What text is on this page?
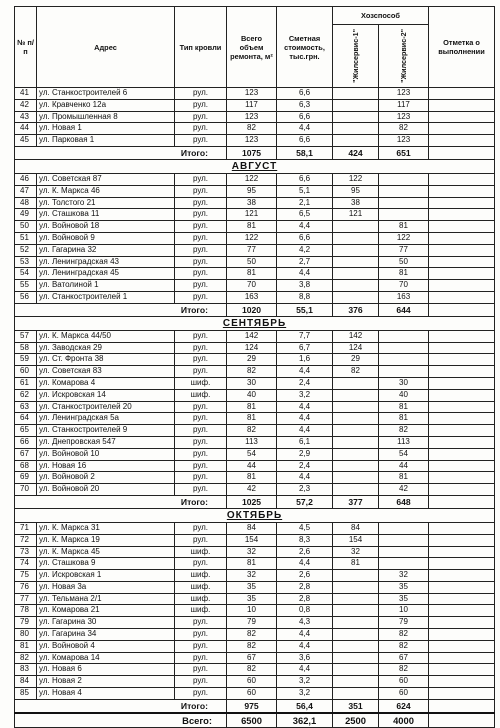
№ п/п	Адрес	Тип кровли	Всего объем ремонта, м²	Сметная стоимость, тыс.грн.	Хозспособ		Отметка о выполнении

					"Жилсервис-1"	"Жилсервис-2"	

41	ул. Станкостроителей 6	рул.	123	6,6		123	
42	ул. Кравченко 12а	рул.	117	6,3		117	
43	ул. Промышленная 8	рул.	123	6,6		123	
44	ул. Новая 1	рул.	82	4,4		82	
45	ул. Парковая 1	рул.	123	6,6		123	
Итого:			1075	58,1	424	651	
АВГУСТ							
46	ул. Советская 87	рул.	122	6,6	122		
47	ул. К. Маркса 46	рул.	95	5,1	95		
48	ул. Толстого 21	рул.	38	2,1	38		
49	ул. Сташкова 11	рул.	121	6,5	121		
50	ул. Войновой 18	рул.	81	4,4		81	
51	ул. Войновой 9	рул.	122	6,6		122	
52	ул. Гагарина 32	рул.	77	4,2		77	
53	ул. Ленинградская 43	рул.	50	2,7		50	
54	ул. Ленинградская 45	рул.	81	4,4		81	
55	ул. Ватолиной 1	рул.	70	3,8		70	
56	ул. Станкостроителей 1	рул.	163	8,8		163	
Итого:			1020	55,1	376	644	
СЕНТЯБРЬ							
57	ул. К. Маркса 44/50	рул.	142	7,7	142		
58	ул. Заводская 29	рул.	124	6,7	124		
59	ул. Ст. Фронта 38	рул.	29	1,6	29		
60	ул. Советская 83	рул.	82	4,4	82		
61	ул. Комарова 4	шиф.	30	2,4		30	
62	ул. Искровская 14	шиф.	40	3,2		40	
63	ул. Станкостроителей 20	рул.	81	4,4		81	
64	ул. Ленинградская 5а	рул.	81	4,4		81	
65	ул. Станкостроителей 9	рул.	82	4,4		82	
66	ул. Днепровская 547	рул.	113	6,1		113	
67	ул. Войновой 10	рул.	54	2,9		54	
68	ул. Новая 16	рул.	44	2,4		44	
69	ул. Войновой 2	рул.	81	4,4		81	
70	ул. Войновой 20	рул.	42	2,3		42	
Итого:			1025	57,2	377	648	
ОКТЯБРЬ							
71	ул. К. Маркса 31	рул.	84	4,5	84		
72	ул. К. Маркса 19	рул.	154	8,3	154		
73	ул. К. Маркса 45	шиф.	32	2,6	32		
74	ул. Сташкова 9	рул.	81	4,4	81		
75	ул. Искровская 1	шиф.	32	2,6		32	
76	ул. Новая 3а	шиф.	35	2,8		35	
77	ул. Тельмана 2/1	шиф.	35	2,8		35	
78	ул. Комарова 21	шиф.	10	0,8		10	
79	ул. Гагарина 30	рул.	79	4,3		79	
80	ул. Гагарина 34	рул.	82	4,4		82	
81	ул. Войновой 4	рул.	82	4,4		82	
82	ул. Комарова 14	рул.	67	3,6		67	
83	ул. Новая 6	рул.	82	4,4		82	
84	ул. Новая 2	рул.	60	3,2		60	
85	ул. Новая 4	рул.	60	3,2		60	
Итого:			975	56,4	351	624	
Всего:			6500	362,1	2500	4000	
